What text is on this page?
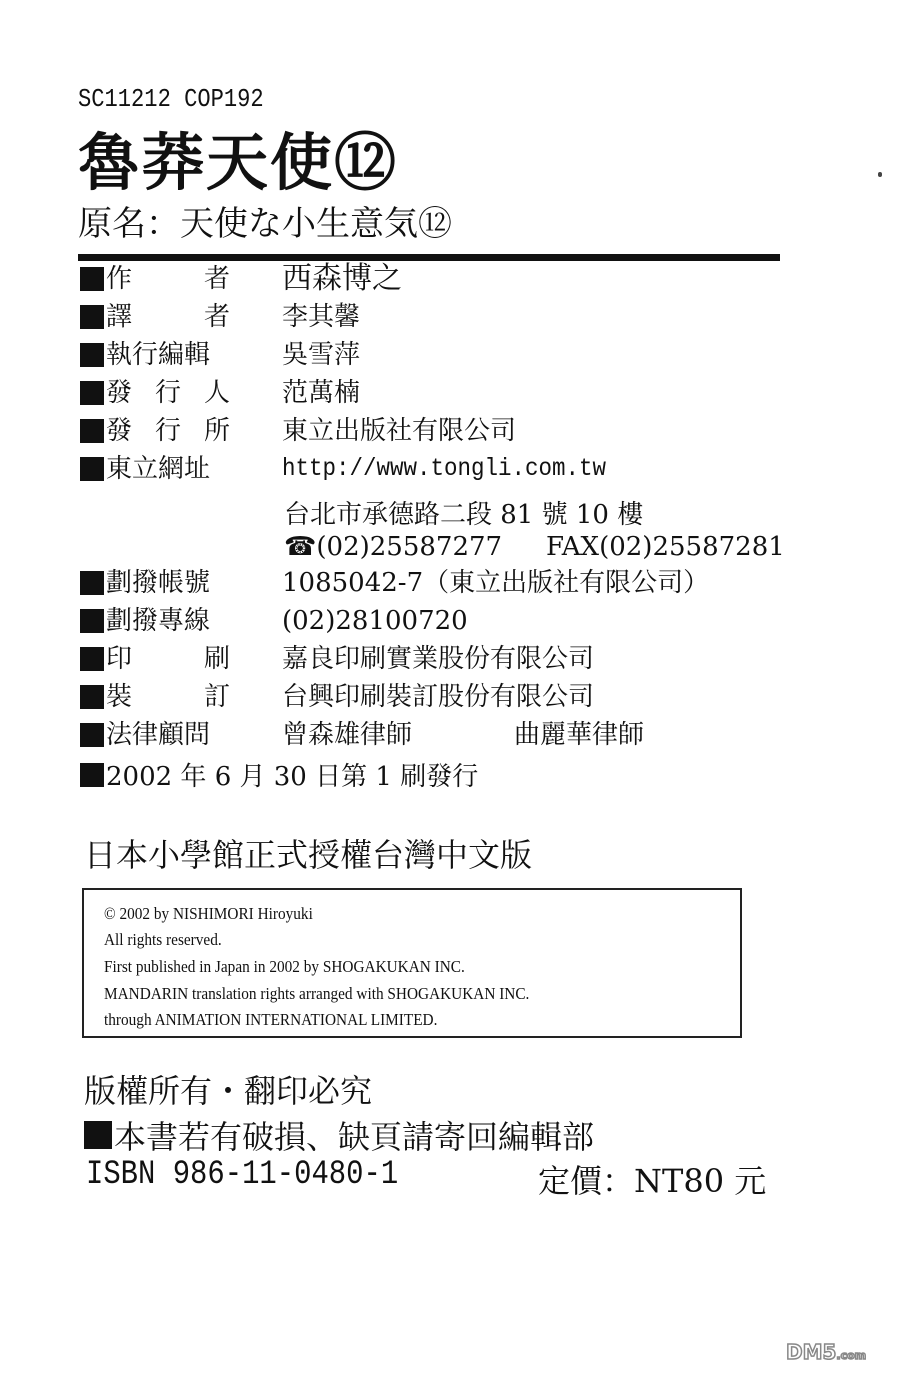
SC11212 COP192
魯莽天使⑫
原名：天使な小生意気⑫
作	者 西森博之
譯	者 李其馨
執行編輯	吳雪萍
發 行 人 范萬楠
發 行 所 東立出版社有限公司
東立網址	http://www.tongli.com.tw
台北市承德路二段 81 號 10 樓
☎(02)25587277 FAX(02)25587281
劃撥帳號	1085042-7（東立出版社有限公司）
劃撥專線	(02)28100720
印	刷 嘉良印刷實業股份有限公司
裝	訂 台興印刷裝訂股份有限公司
法律顧問	曾森雄律師	曲麗華律師
2002 年 6 月 30 日第 1 刷發行
日本小學館正式授權台灣中文版
© 2002 by NISHIMORI Hiroyuki
All rights reserved.
First published in Japan in 2002 by SHOGAKUKAN INC.
MANDARIN translation rights arranged with SHOGAKUKAN INC.
through ANIMATION INTERNATIONAL LIMITED.
版權所有・翻印必究
本書若有破損、缺頁請寄回編輯部
ISBN 986-11-0480-1	定價：NT80 元
DM5.com
